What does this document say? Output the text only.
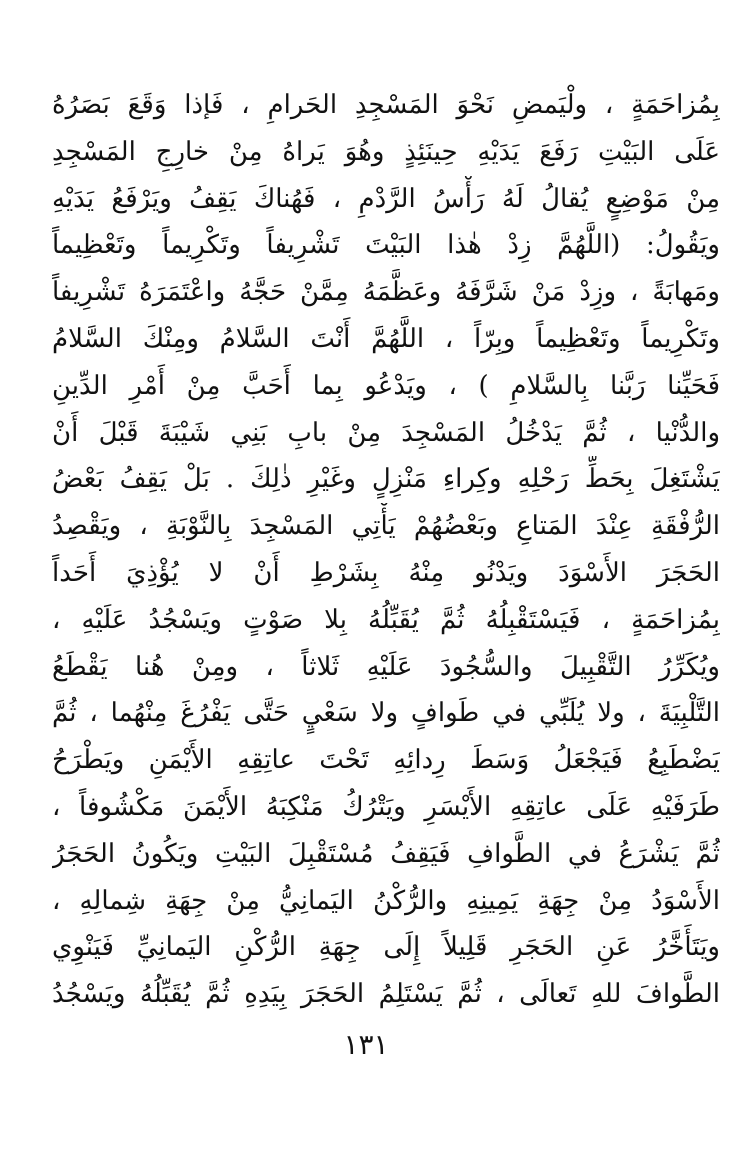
بِمُزاحَمَةٍ ، ولْيَمضِ نَحْوَ المَسْجِدِ الحَرامِ ، فَإذا وَقَعَ بَصَرُهُ
عَلَى البَيْتِ رَفَعَ يَدَيْهِ حِينَئِذٍ وهُوَ يَراهُ مِنْ خارِجِ المَسْجِدِ
مِنْ مَوْضِعٍ يُقالُ لَهُ رَأْسُ الرَّدْمِ ، فَهُناكَ يَقِفُ ويَرْفَعُ يَدَيْهِ
ويَقُولُ: (اللَّهُمَّ زِدْ هٰذا البَيْتَ تَشْرِيفاً وتَكْرِيماً وتَعْظِيماً
ومَهابَةً ، وزِدْ مَنْ شَرَّفَهُ وعَظَّمَهُ مِمَّنْ حَجَّهُ واعْتَمَرَهُ تَشْرِيفاً
وتَكْرِيماً وتَعْظِيماً وبِرّاً ، اللَّهُمَّ أَنْتَ السَّلامُ ومِنْكَ السَّلامُ
فَحَيِّنا رَبَّنا بِالسَّلامِ ) ، ويَدْعُو بِما أَحَبَّ مِنْ أَمْرِ الدِّينِ
والدُّنْيا ، ثُمَّ يَدْخُلُ المَسْجِدَ مِنْ بابِ بَنِي شَيْبَةَ قَبْلَ أَنْ
يَشْتَغِلَ بِحَطِّ رَحْلِهِ وكِراءِ مَنْزِلٍ وغَيْرِ ذٰلِكَ . بَلْ يَقِفُ بَعْضُ
الرُّفْقَةِ عِنْدَ المَتاعِ وبَعْضُهُمْ يَأْتِي المَسْجِدَ بِالنَّوْبَةِ ، ويَقْصِدُ
الحَجَرَ الأَسْوَدَ ويَدْنُو مِنْهُ بِشَرْطِ أَنْ لا يُؤْذِيَ أَحَداً
بِمُزاحَمَةٍ ، فَيَسْتَقْبِلُهُ ثُمَّ يُقَبِّلُهُ بِلا صَوْتٍ ويَسْجُدُ عَلَيْهِ ،
ويُكَرِّرُ التَّقْبِيلَ والسُّجُودَ عَلَيْهِ ثَلاثاً ، ومِنْ هُنا يَقْطَعُ
التَّلْبِيَةَ ، ولا يُلَبِّي في طَوافٍ ولا سَعْيٍ حَتَّى يَفْرُغَ مِنْهُما ، ثُمَّ
يَضْطَبِعُ فَيَجْعَلُ وَسَطَ رِدائِهِ تَحْتَ عاتِقِهِ الأَيْمَنِ ويَطْرَحُ
طَرَفَيْهِ عَلَى عاتِقِهِ الأَيْسَرِ ويَتْرُكُ مَنْكِبَهُ الأَيْمَنَ مَكْشُوفاً ،
ثُمَّ يَشْرَعُ في الطَّوافِ فَيَقِفُ مُسْتَقْبِلَ البَيْتِ ويَكُونُ الحَجَرُ
الأَسْوَدُ مِنْ جِهَةِ يَمِينِهِ والرُّكْنُ اليَمانِيُّ مِنْ جِهَةِ شِمالِهِ ،
ويَتَأَخَّرُ عَنِ الحَجَرِ قَلِيلاً إِلَى جِهَةِ الرُّكْنِ اليَمانِيِّ فَيَنْوِي
الطَّوافَ للهِ تَعالَى ، ثُمَّ يَسْتَلِمُ الحَجَرَ بِيَدِهِ ثُمَّ يُقَبِّلُهُ ويَسْجُدُ
١٣١
